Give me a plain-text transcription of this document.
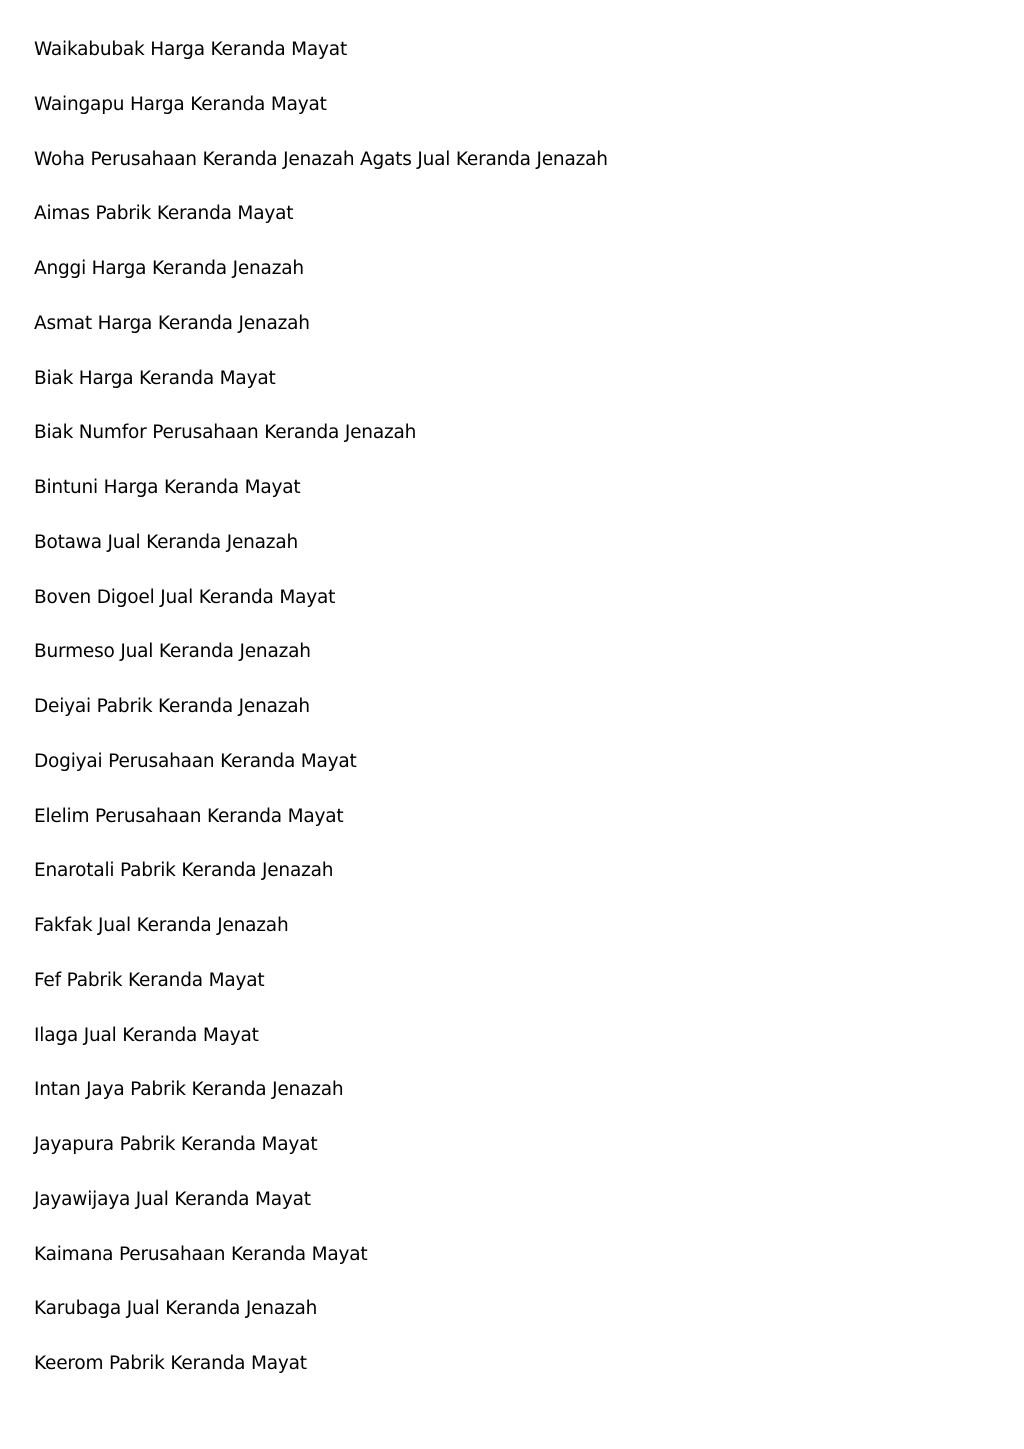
Waikabubak Harga Keranda Mayat
Waingapu Harga Keranda Mayat
Woha Perusahaan Keranda Jenazah Agats Jual Keranda Jenazah
Aimas Pabrik Keranda Mayat
Anggi Harga Keranda Jenazah
Asmat Harga Keranda Jenazah
Biak Harga Keranda Mayat
Biak Numfor Perusahaan Keranda Jenazah
Bintuni Harga Keranda Mayat
Botawa Jual Keranda Jenazah
Boven Digoel Jual Keranda Mayat
Burmeso Jual Keranda Jenazah
Deiyai Pabrik Keranda Jenazah
Dogiyai Perusahaan Keranda Mayat
Elelim Perusahaan Keranda Mayat
Enarotali Pabrik Keranda Jenazah
Fakfak Jual Keranda Jenazah
Fef Pabrik Keranda Mayat
Ilaga Jual Keranda Mayat
Intan Jaya Pabrik Keranda Jenazah
Jayapura Pabrik Keranda Mayat
Jayawijaya Jual Keranda Mayat
Kaimana Perusahaan Keranda Mayat
Karubaga Jual Keranda Jenazah
Keerom Pabrik Keranda Mayat
